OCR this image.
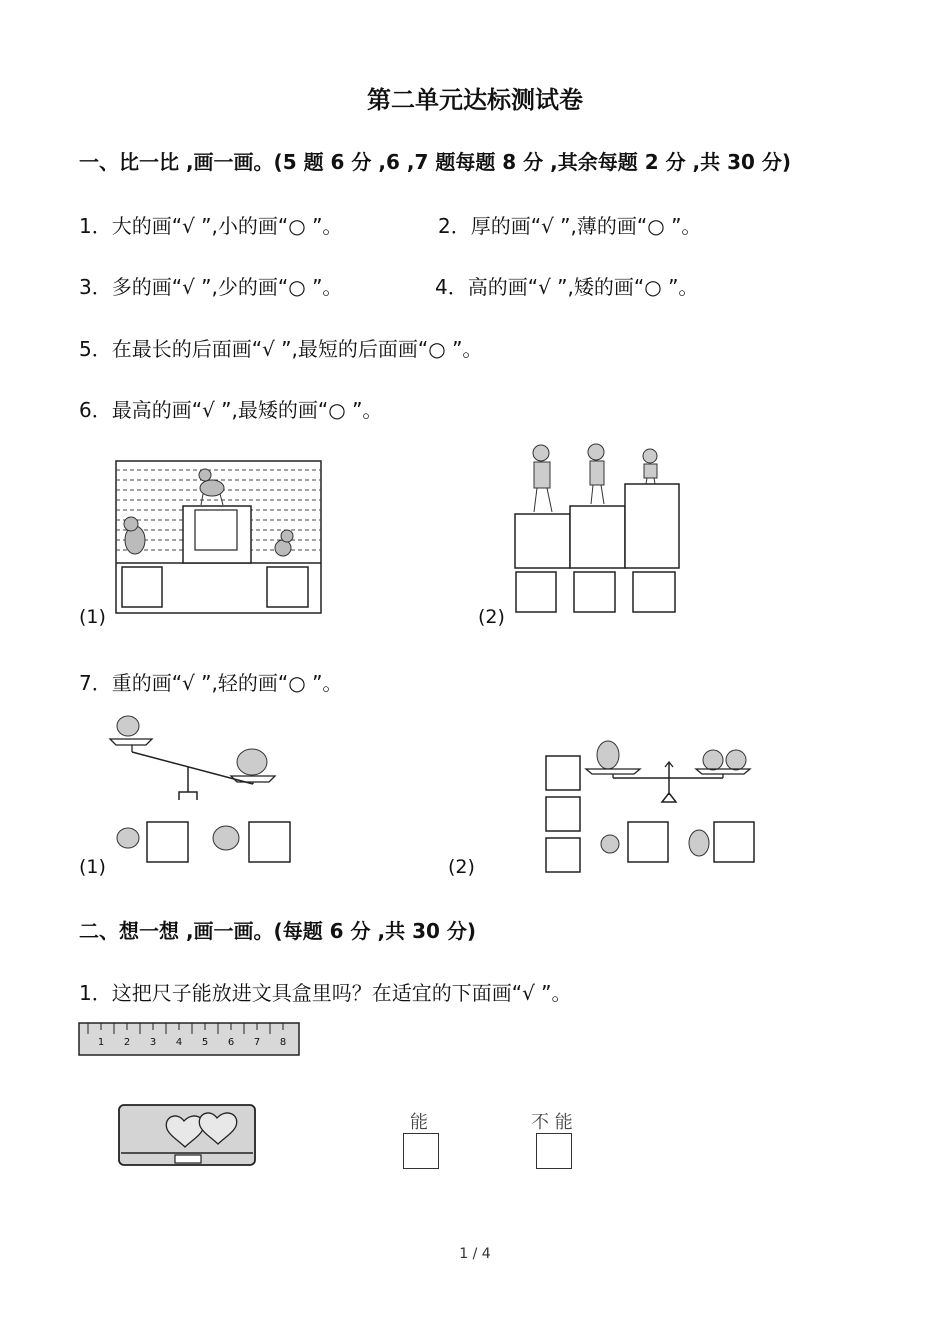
第二单元达标测试卷
一、比一比 ,画一画。(5 题 6 分 ,6 ,7 题每题 8 分 ,其余每题 2 分 ,共 30 分)
1．大的画“√ ”,小的画“○ ”。	2．厚的画“√ ”,薄的画“○ ”。
3．多的画“√ ”,少的画“○ ”。	4．高的画“√ ”,矮的画“○ ”。
5．在最长的后面画“√ ”,最短的后面画“○ ”。
6．最高的画“√ ”,最矮的画“○ ”。
(1)	(2)
7．重的画“√ ”,轻的画“○ ”。
(1)	(2)
二、想一想 ,画一画。(每题 6 分 ,共 30 分)
1．这把尺子能放进文具盒里吗？在适宜的下面画“√ ”。
1 2 3 4 5 6 7 8
能	不 能
1 / 4
